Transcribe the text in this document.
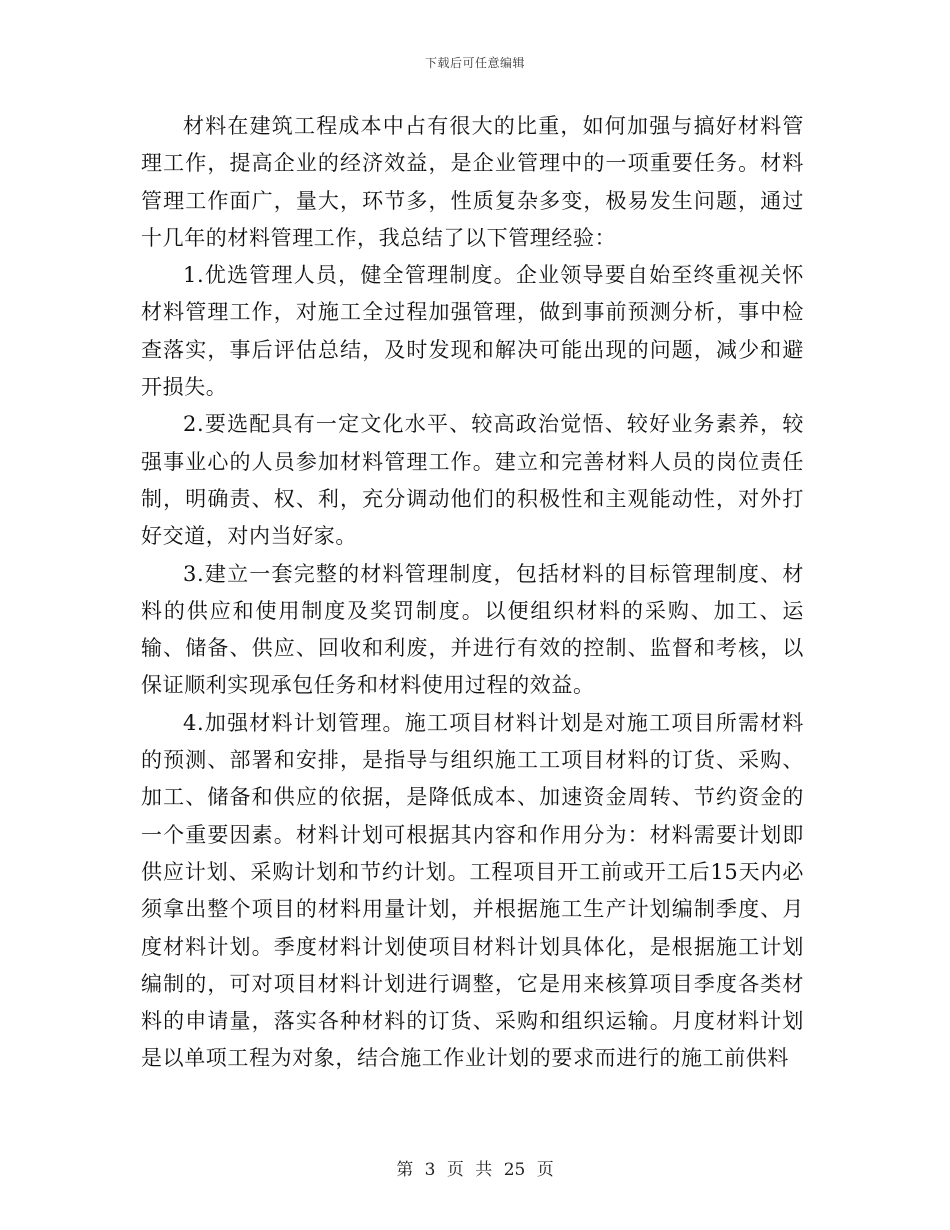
下载后可任意编辑

材料在建筑工程成本中占有很大的比重，如何加强与搞好材料管理工作，提高企业的经济效益，是企业管理中的一项重要任务。材料管理工作面广，量大，环节多，性质复杂多变，极易发生问题，通过十几年的材料管理工作，我总结了以下管理经验：

1.优选管理人员，健全管理制度。企业领导要自始至终重视关怀材料管理工作，对施工全过程加强管理，做到事前预测分析，事中检查落实，事后评估总结，及时发现和解决可能出现的问题，减少和避开损失。

2.要选配具有一定文化水平、较高政治觉悟、较好业务素养，较强事业心的人员参加材料管理工作。建立和完善材料人员的岗位责任制，明确责、权、利，充分调动他们的积极性和主观能动性，对外打好交道，对内当好家。

3.建立一套完整的材料管理制度，包括材料的目标管理制度、材料的供应和使用制度及奖罚制度。以便组织材料的采购、加工、运输、储备、供应、回收和利废，并进行有效的控制、监督和考核，以保证顺利实现承包任务和材料使用过程的效益。

4.加强材料计划管理。施工项目材料计划是对施工项目所需材料的预测、部署和安排，是指导与组织施工工项目材料的订货、采购、加工、储备和供应的依据，是降低成本、加速资金周转、节约资金的一个重要因素。材料计划可根据其内容和作用分为：材料需要计划即供应计划、采购计划和节约计划。工程项目开工前或开工后15天内必须拿出整个项目的材料用量计划，并根据施工生产计划编制季度、月度材料计划。季度材料计划使项目材料计划具体化，是根据施工计划编制的，可对项目材料计划进行调整，它是用来核算项目季度各类材料的申请量，落实各种材料的订货、采购和组织运输。月度材料计划是以单项工程为对象，结合施工作业计划的要求而进行的施工前供料

第 3 页 共 25 页
